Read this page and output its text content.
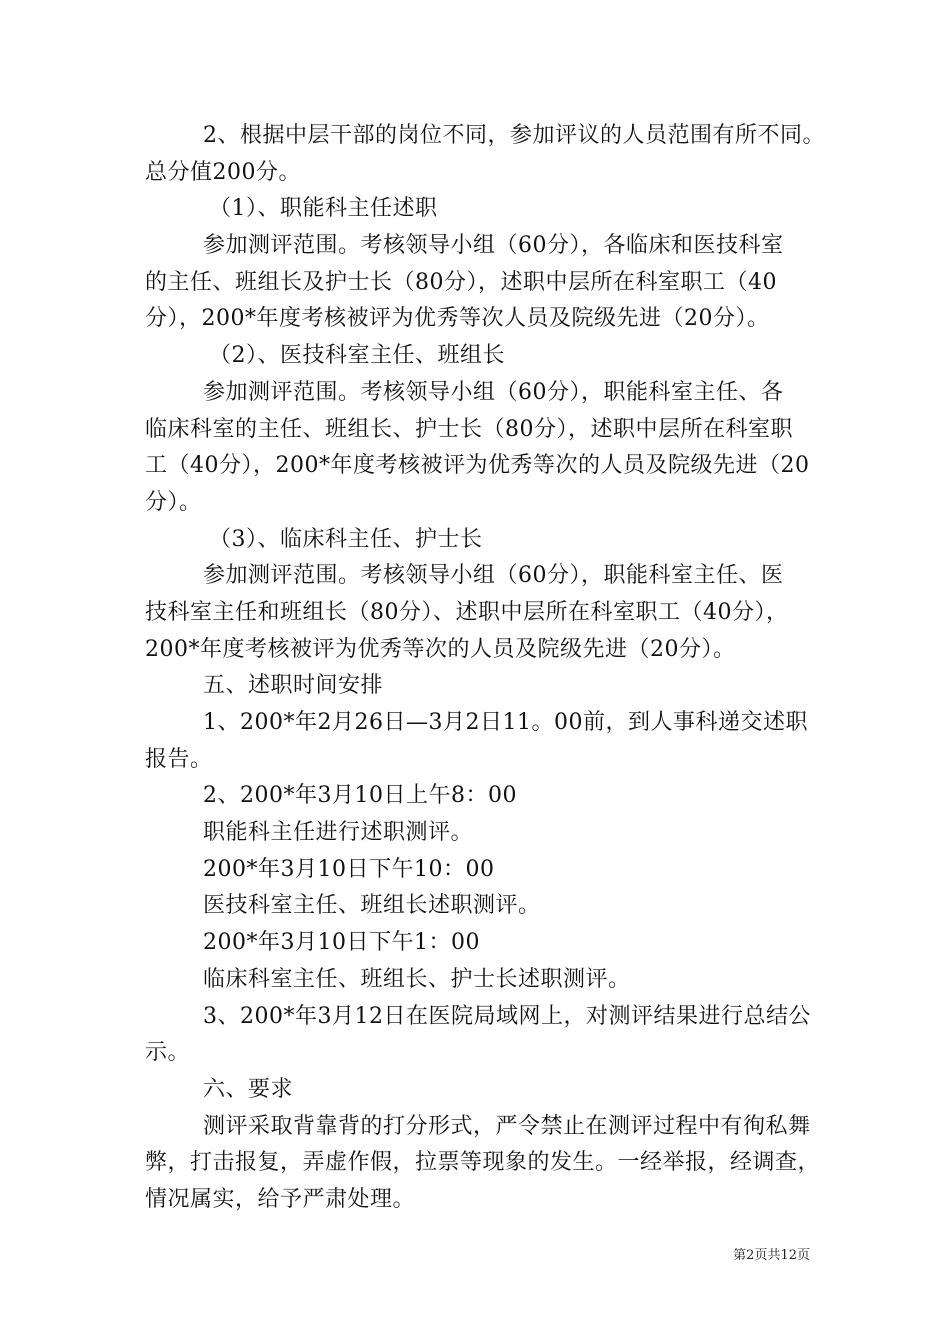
2、根据中层干部的岗位不同，参加评议的人员范围有所不同。
总分值200分。
（1）、职能科主任述职
参加测评范围。考核领导小组（60分），各临床和医技科室
的主任、班组长及护士长（80分），述职中层所在科室职工（40
分），200*年度考核被评为优秀等次人员及院级先进（20分）。
（2）、医技科室主任、班组长
参加测评范围。考核领导小组（60分），职能科室主任、各
临床科室的主任、班组长、护士长（80分），述职中层所在科室职
工（40分），200*年度考核被评为优秀等次的人员及院级先进（20
分）。
（3）、临床科主任、护士长
参加测评范围。考核领导小组（60分），职能科室主任、医
技科室主任和班组长（80分）、述职中层所在科室职工（40分），
200*年度考核被评为优秀等次的人员及院级先进（20分）。
五、述职时间安排
1、200*年2月26日—3月2日11。00前，到人事科递交述职
报告。
2、200*年3月10日上午8：00
职能科主任进行述职测评。
200*年3月10日下午10：00
医技科室主任、班组长述职测评。
200*年3月10日下午1：00
临床科室主任、班组长、护士长述职测评。
3、200*年3月12日在医院局域网上，对测评结果进行总结公
示。
六、要求
测评采取背靠背的打分形式，严令禁止在测评过程中有徇私舞
弊，打击报复，弄虚作假，拉票等现象的发生。一经举报，经调查，
情况属实，给予严肃处理。
第2页共12页
